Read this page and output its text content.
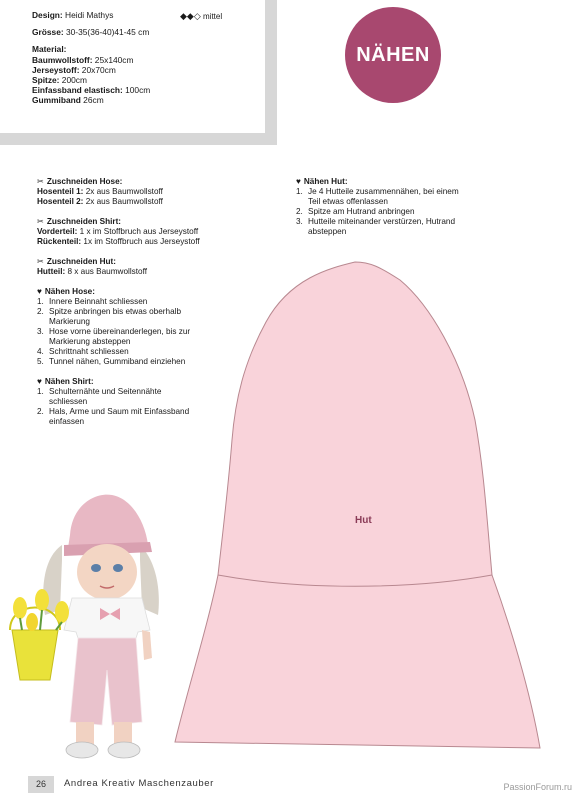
Design: Heidi Mathys
Grösse: 30-35(36-40)41-45 cm
Material:
Baumwollstoff: 25x140cm
Jerseystoff: 20x70cm
Spitze: 200cm
Einfassband elastisch: 100cm
Gummiband 26cm
◆◆◇ mittel
NÄHEN
✂ Zuschneiden Hose:
Hosenteil 1: 2x aus Baumwollstoff
Hosenteil 2: 2x aus Baumwollstoff
✂ Zuschneiden Shirt:
Vorderteil: 1 x im Stoffbruch aus Jerseystoff
Rückenteil: 1x im Stoffbruch aus Jerseystoff
✂ Zuschneiden Hut:
Hutteil: 8 x aus Baumwollstoff
♥ Nähen Hose:
1. Innere Beinnaht schliessen
2. Spitze anbringen bis etwas oberhalb
Markierung
3. Hose vorne übereinanderlegen, bis zur
Markierung absteppen
4. Schrittnaht schliessen
5. Tunnel nähen, Gummiband einziehen
♥ Nähen Shirt:
1. Schulternähte und Seitennähte
schliessen
2. Hals, Arme und Saum mit Einfassband
einfassen
♥ Nähen Hut:
1. Je 4 Hutteile zusammennähen, bei einem
Teil etwas offenlassen
2. Spitze am Hutrand anbringen
3. Hutteile miteinander verstürzen, Hutrand
absteppen
Hut
26 Andrea Kreativ Maschenzauber	PassionForum.ru
